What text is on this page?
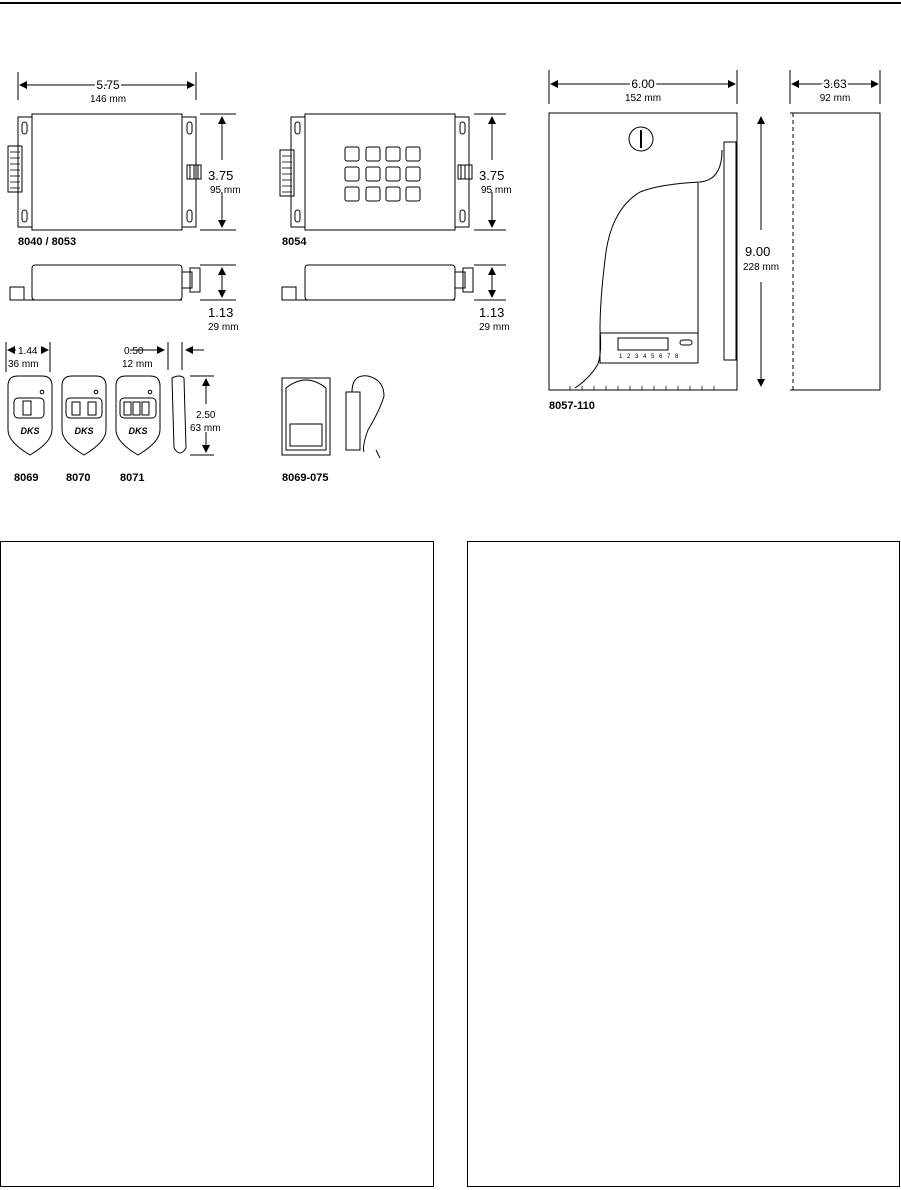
5.75
146 mm
3.75
95 mm
8040 / 8053
1.13
29 mm
3.75
95 mm
8054
1.13
29 mm
1.44
36 mm
0.50
12 mm
2.50
63 mm
DKS	DKS	DKS
8069	8070	8071	8069-075
6.00
152 mm
3.63
92 mm
9.00
228 mm
1 2 3 4 5 6 7 8
8057-110
